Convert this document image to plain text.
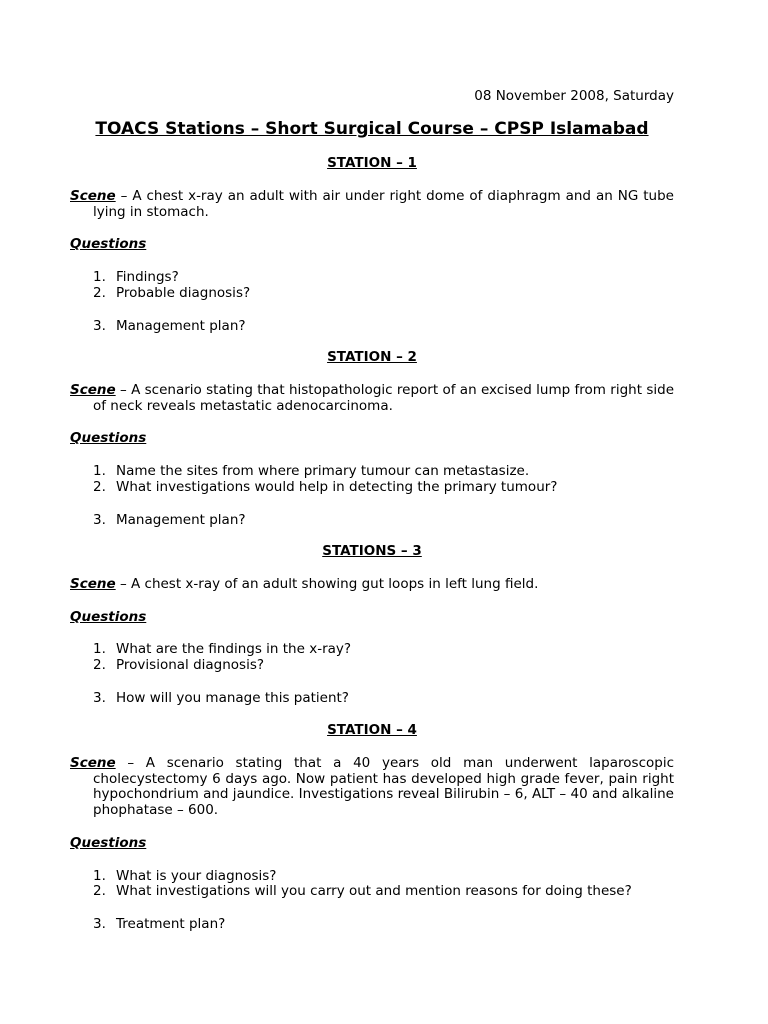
08 November 2008, Saturday
TOACS Stations – Short Surgical Course – CPSP Islamabad

STATION – 1

Scene – A chest x-ray an adult with air under right dome of diaphragm and an NG tube lying in stomach.

Questions

1. Findings?
2. Probable diagnosis?
3. Management plan?

STATION – 2

Scene – A scenario stating that histopathologic report of an excised lump from right side of neck reveals metastatic adenocarcinoma.

Questions

1. Name the sites from where primary tumour can metastasize.
2. What investigations would help in detecting the primary tumour?
3. Management plan?

STATIONS – 3

Scene – A chest x-ray of an adult showing gut loops in left lung field.

Questions

1. What are the findings in the x-ray?
2. Provisional diagnosis?
3. How will you manage this patient?

STATION – 4

Scene – A scenario stating that a 40 years old man underwent laparoscopic cholecystectomy 6 days ago. Now patient has developed high grade fever, pain right hypochondrium and jaundice. Investigations reveal Bilirubin – 6, ALT – 40 and alkaline phophatase – 600.

Questions

1. What is your diagnosis?
2. What investigations will you carry out and mention reasons for doing these?
3. Treatment plan?
